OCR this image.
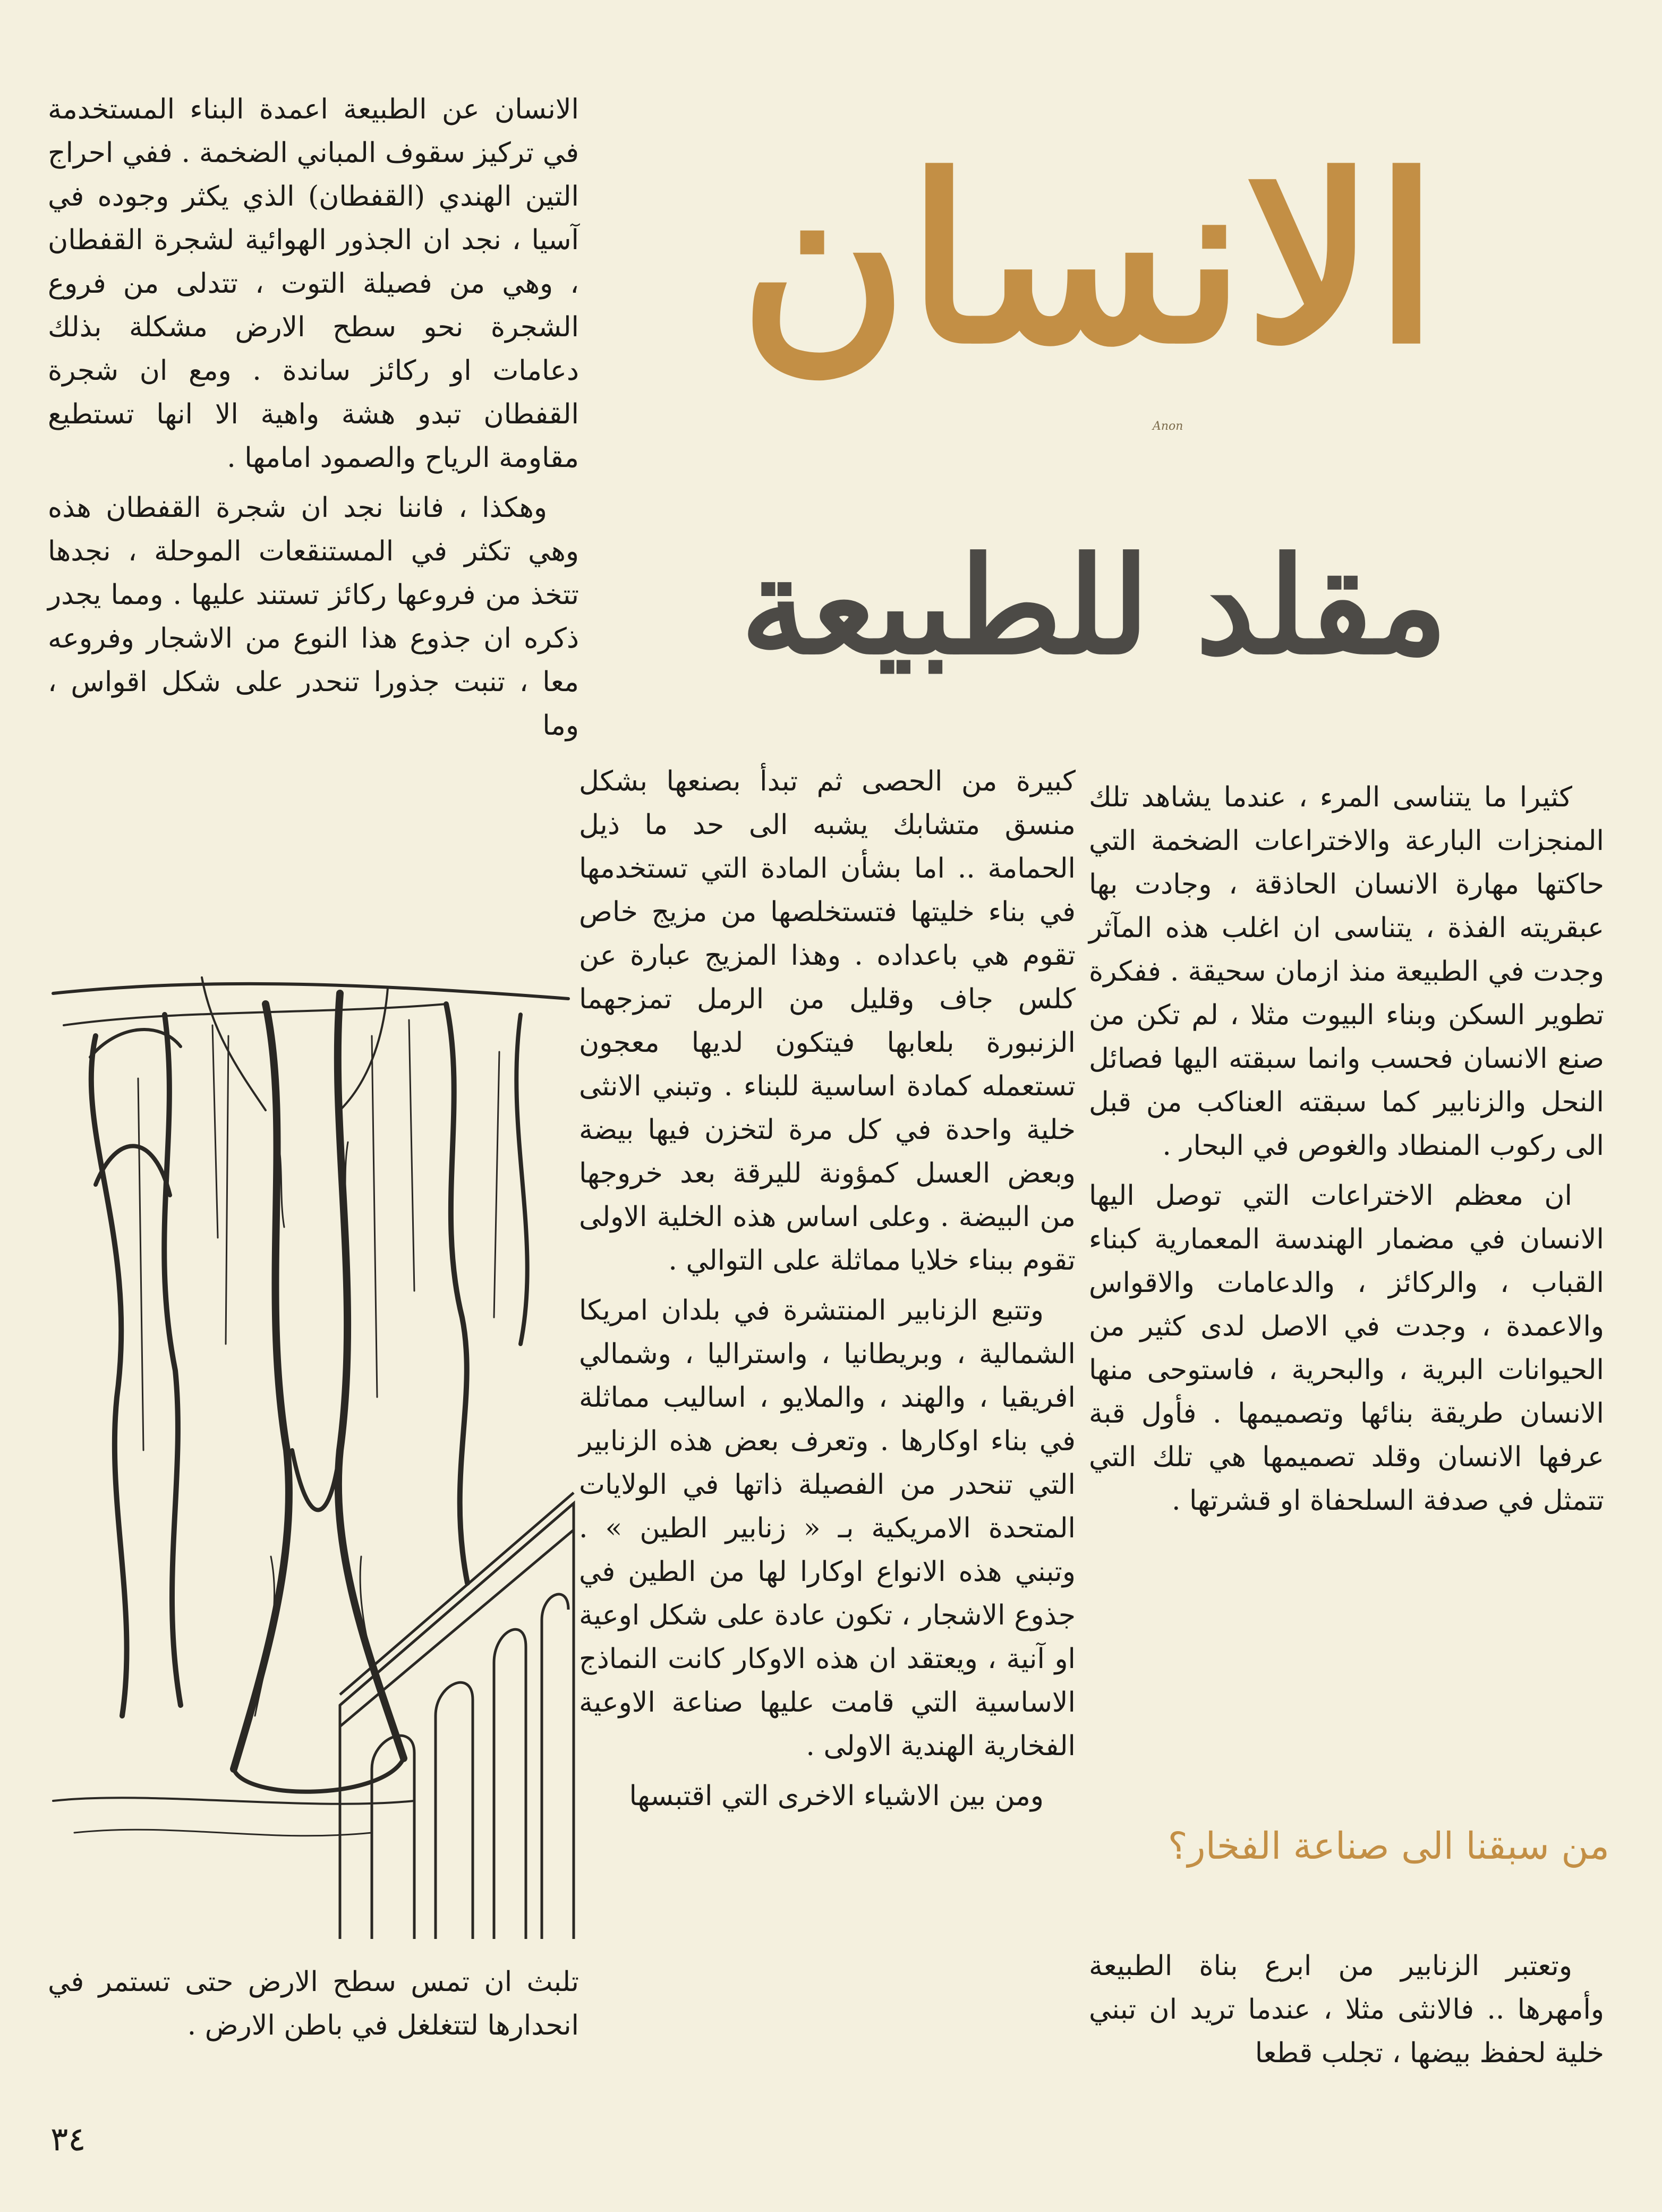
الانسان
Anon
مقلد للطبيعة

الانسان عن الطبيعة اعمدة البناء المستخدمة في تركيز سقوف المباني الضخمة . ففي احراج التين الهندي (القفطان) الذي يكثر وجوده في آسيا ، نجد ان الجذور الهوائية لشجرة القفطان ، وهي من فصيلة التوت ، تتدلى من فروع الشجرة نحو سطح الارض مشكلة بذلك دعامات او ركائز ساندة . ومع ان شجرة القفطان تبدو هشة واهية الا انها تستطيع مقاومة الرياح والصمود امامها .

وهكذا ، فاننا نجد ان شجرة القفطان هذه وهي تكثر في المستنقعات الموحلة ، نجدها تتخذ من فروعها ركائز تستند عليها . ومما يجدر ذكره ان جذوع هذا النوع من الاشجار وفروعه معا ، تنبت جذورا تنحدر على شكل اقواس ، وما

تلبث ان تمس سطح الارض حتى تستمر في انحدارها لتتغلغل في باطن الارض .

كبيرة من الحصى ثم تبدأ بصنعها بشكل منسق متشابك يشبه الى حد ما ذيل الحمامة .. اما بشأن المادة التي تستخدمها في بناء خليتها فتستخلصها من مزيج خاص تقوم هي باعداده . وهذا المزيج عبارة عن كلس جاف وقليل من الرمل تمزجهما الزنبورة بلعابها فيتكون لديها معجون تستعمله كمادة اساسية للبناء . وتبني الانثى خلية واحدة في كل مرة لتخزن فيها بيضة وبعض العسل كمؤونة لليرقة بعد خروجها من البيضة . وعلى اساس هذه الخلية الاولى تقوم ببناء خلايا مماثلة على التوالي .

وتتبع الزنابير المنتشرة في بلدان امريكا الشمالية ، وبريطانيا ، واستراليا ، وشمالي افريقيا ، والهند ، والملايو ، اساليب مماثلة في بناء اوكارها . وتعرف بعض هذه الزنابير التي تنحدر من الفصيلة ذاتها في الولايات المتحدة الامريكية بـ « زنابير الطين » . وتبني هذه الانواع اوكارا لها من الطين في جذوع الاشجار ، تكون عادة على شكل اوعية او آنية ، ويعتقد ان هذه الاوكار كانت النماذج الاساسية التي قامت عليها صناعة الاوعية الفخارية الهندية الاولى .

ومن بين الاشياء الاخرى التي اقتبسها

كثيرا ما يتناسى المرء ، عندما يشاهد تلك المنجزات البارعة والاختراعات الضخمة التي حاكتها مهارة الانسان الحاذقة ، وجادت بها عبقريته الفذة ، يتناسى ان اغلب هذه المآثر وجدت في الطبيعة منذ ازمان سحيقة . ففكرة تطوير السكن وبناء البيوت مثلا ، لم تكن من صنع الانسان فحسب وانما سبقته اليها فصائل النحل والزنابير كما سبقته العناكب من قبل الى ركوب المنطاد والغوص في البحار .

ان معظم الاختراعات التي توصل اليها الانسان في مضمار الهندسة المعمارية كبناء القباب ، والركائز ، والدعامات والاقواس والاعمدة ، وجدت في الاصل لدى كثير من الحيوانات البرية ، والبحرية ، فاستوحى منها الانسان طريقة بنائها وتصميمها . فأول قبة عرفها الانسان وقلد تصميمها هي تلك التي تتمثل في صدفة السلحفاة او قشرتها .

من سبقنا الى صناعة الفخار؟

وتعتبر الزنابير من ابرع بناة الطبيعة وأمهرها .. فالانثى مثلا ، عندما تريد ان تبني خلية لحفظ بيضها ، تجلب قطعا

٣٤
